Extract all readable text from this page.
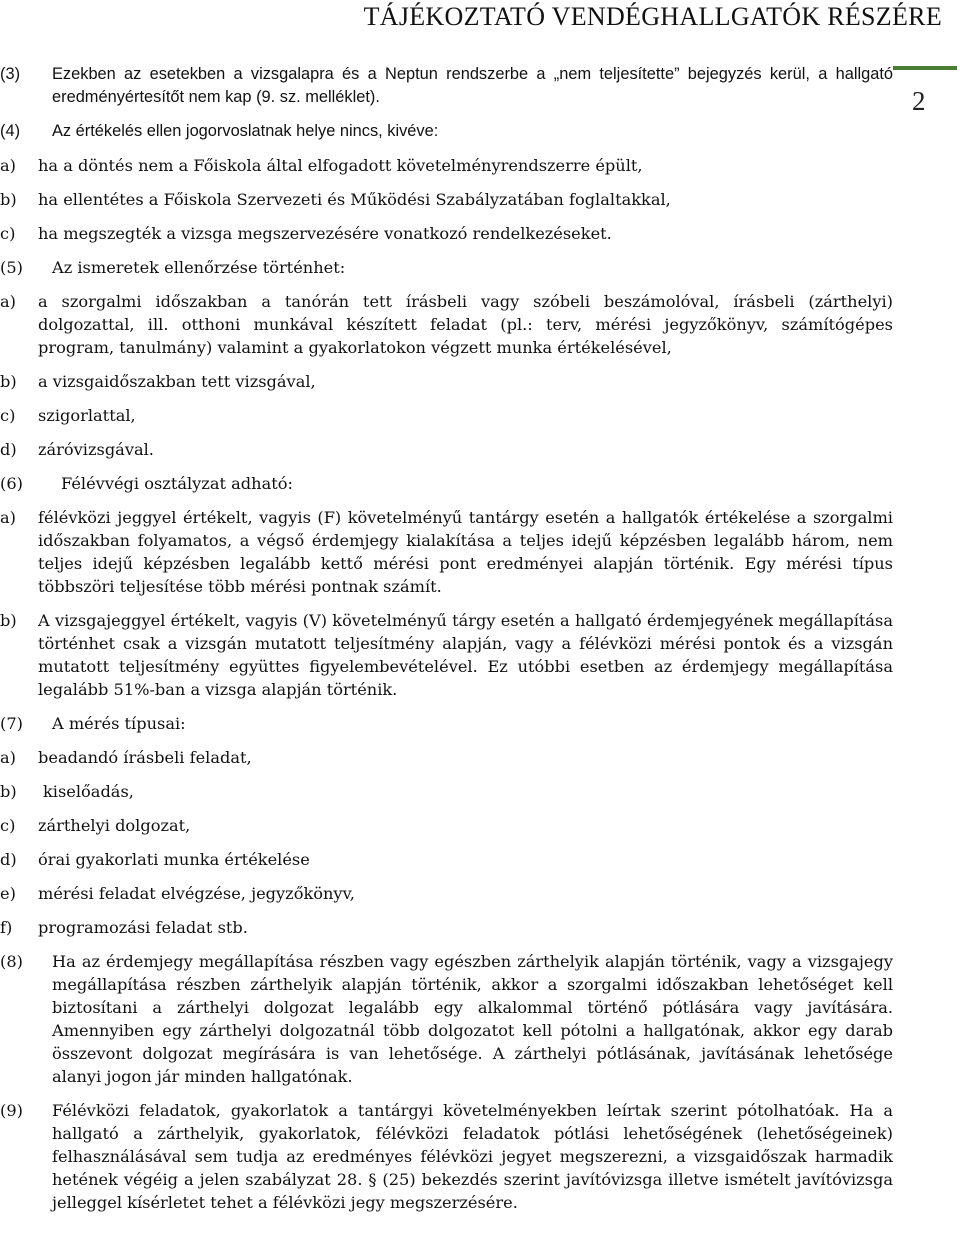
TÁJÉKOZTATÓ VENDÉGHALLGATÓK RÉSZÉRE
2
(3)	Ezekben az esetekben a vizsgalapra és a Neptun rendszerbe a „nem teljesítette” bejegyzés kerül, a hallgató eredményértesítőt nem kap (9. sz. melléklet).
(4)	Az értékelés ellen jogorvoslatnak helye nincs, kivéve:
a)	ha a döntés nem a Főiskola által elfogadott követelményrendszerre épült,
b)	ha ellentétes a Főiskola Szervezeti és Működési Szabályzatában foglaltakkal,
c)	ha megszegték a vizsga megszervezésére vonatkozó rendelkezéseket.
(5)	Az ismeretek ellenőrzése történhet:
a)	a szorgalmi időszakban a tanórán tett írásbeli vagy szóbeli beszámolóval, írásbeli (zárthelyi) dolgozattal, ill. otthoni munkával készített feladat (pl.: terv, mérési jegyzőkönyv, számítógépes program, tanulmány) valamint a gyakorlatokon végzett munka értékelésével,
b)	a vizsgaidőszakban tett vizsgával,
c)	szigorlattal,
d)	záróvizsgával.
(6)	Félévvégi osztályzat adható:
a)	félévközi jeggyel értékelt, vagyis (F) követelményű tantárgy esetén a hallgatók értékelése a szorgalmi időszakban folyamatos, a végső érdemjegy kialakítása a teljes idejű képzésben legalább három, nem teljes idejű képzésben legalább kettő mérési pont eredményei alapján történik. Egy mérési típus többszöri teljesítése több mérési pontnak számít.
b)	A vizsgajeggyel értékelt, vagyis (V) követelményű tárgy esetén a hallgató érdemjegyének megállapítása történhet csak a vizsgán mutatott teljesítmény alapján, vagy a félévközi mérési pontok és a vizsgán mutatott teljesítmény együttes figyelembevételével. Ez utóbbi esetben az érdemjegy megállapítása legalább 51%-ban a vizsga alapján történik.
(7)	A mérés típusai:
a)	beadandó írásbeli feladat,
b)	kiselőadás,
c)	zárthelyi dolgozat,
d)	órai gyakorlati munka értékelése
e)	mérési feladat elvégzése, jegyzőkönyv,
f)	programozási feladat stb.
(8)	Ha az érdemjegy megállapítása részben vagy egészben zárthelyik alapján történik, vagy a vizsgajegy megállapítása részben zárthelyik alapján történik, akkor a szorgalmi időszakban lehetőséget kell biztosítani a zárthelyi dolgozat legalább egy alkalommal történő pótlására vagy javítására. Amennyiben egy zárthelyi dolgozatnál több dolgozatot kell pótolni a hallgatónak, akkor egy darab összevont dolgozat megírására is van lehetősége. A zárthelyi pótlásának, javításának lehetősége alanyi jogon jár minden hallgatónak.
(9)	Félévközi feladatok, gyakorlatok a tantárgyi követelményekben leírtak szerint pótolhatóak. Ha a hallgató a zárthelyik, gyakorlatok, félévközi feladatok pótlási lehetőségének (lehetőségeinek) felhasználásával sem tudja az eredményes félévközi jegyet megszerezni, a vizsgaidőszak harmadik hetének végéig a jelen szabályzat 28. § (25) bekezdés szerint javítóvizsga illetve ismételt javítóvizsga jelleggel kísérletet tehet a félévközi jegy megszerzésére.
